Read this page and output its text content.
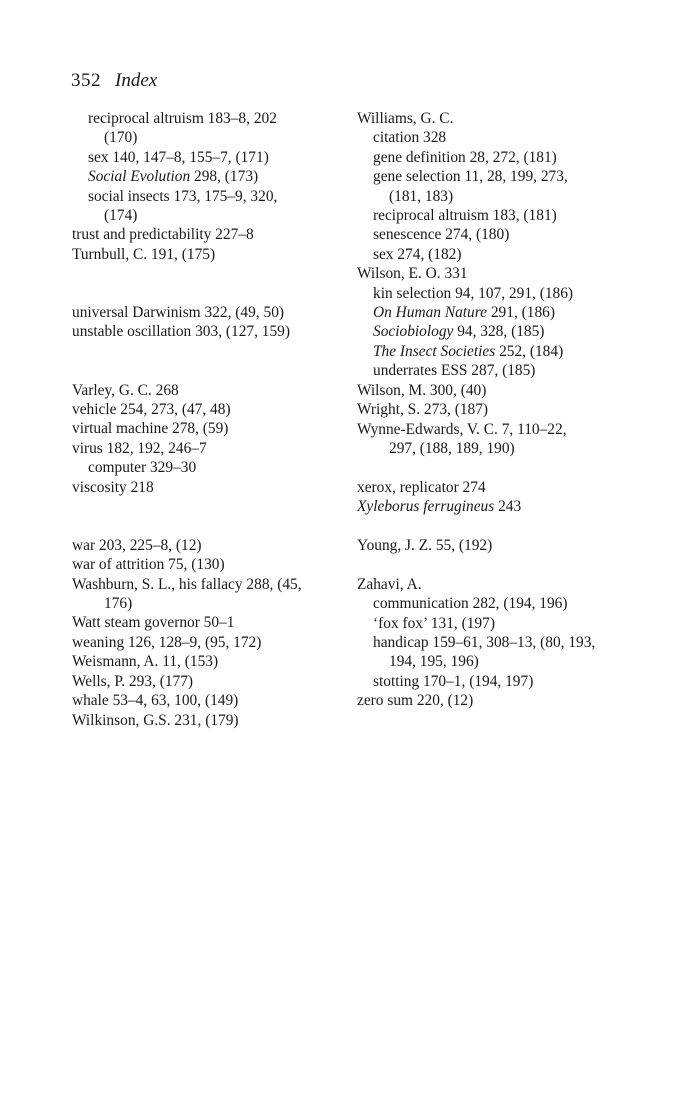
352 Index
reciprocal altruism 183–8, 202
(170)
sex 140, 147–8, 155–7, (171)
Social Evolution 298, (173)
social insects 173, 175–9, 320,
(174)
trust and predictability 227–8
Turnbull, C. 191, (175)
universal Darwinism 322, (49, 50)
unstable oscillation 303, (127, 159)
Varley, G. C. 268
vehicle 254, 273, (47, 48)
virtual machine 278, (59)
virus 182, 192, 246–7
computer 329–30
viscosity 218
war 203, 225–8, (12)
war of attrition 75, (130)
Washburn, S. L., his fallacy 288, (45,
176)
Watt steam governor 50–1
weaning 126, 128–9, (95, 172)
Weismann, A. 11, (153)
Wells, P. 293, (177)
whale 53–4, 63, 100, (149)
Wilkinson, G.S. 231, (179)
Williams, G. C.
citation 328
gene definition 28, 272, (181)
gene selection 11, 28, 199, 273,
(181, 183)
reciprocal altruism 183, (181)
senescence 274, (180)
sex 274, (182)
Wilson, E. O. 331
kin selection 94, 107, 291, (186)
On Human Nature 291, (186)
Sociobiology 94, 328, (185)
The Insect Societies 252, (184)
underrates ESS 287, (185)
Wilson, M. 300, (40)
Wright, S. 273, (187)
Wynne-Edwards, V. C. 7, 110–22,
297, (188, 189, 190)
xerox, replicator 274
Xyleborus ferrugineus 243
Young, J. Z. 55, (192)
Zahavi, A.
communication 282, (194, 196)
‘fox fox’ 131, (197)
handicap 159–61, 308–13, (80, 193,
194, 195, 196)
stotting 170–1, (194, 197)
zero sum 220, (12)
